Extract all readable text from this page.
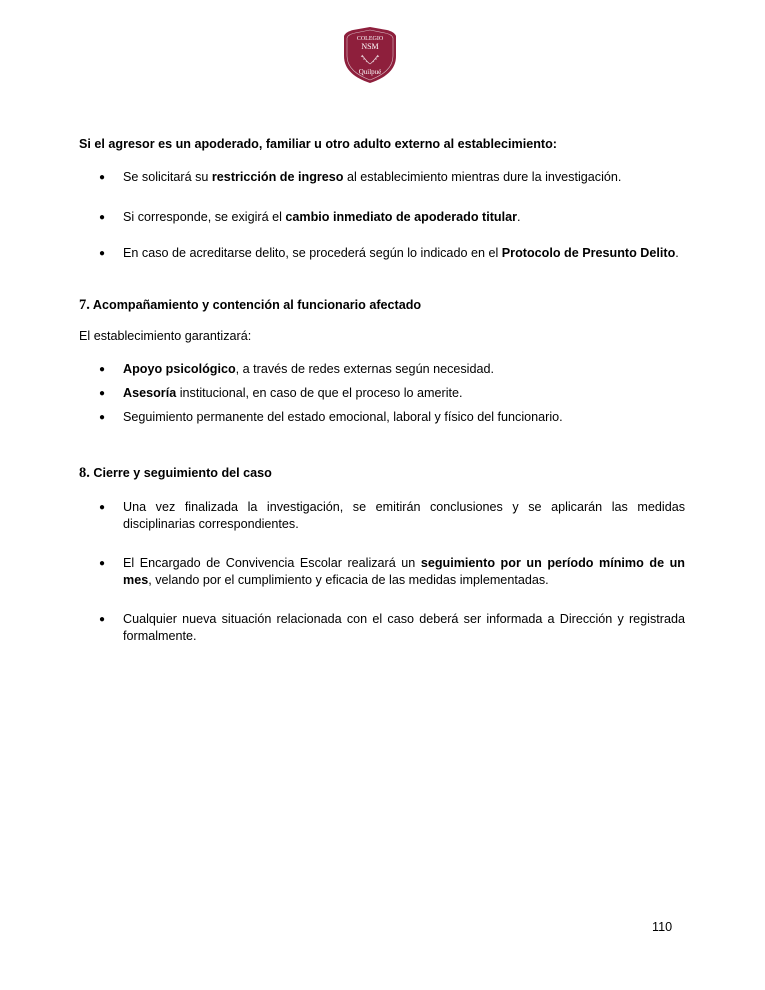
COLEGIO
NSM
Quilpué

Si el agresor es un apoderado, familiar u otro adulto externo al establecimiento:

● Se solicitará su restricción de ingreso al establecimiento mientras dure la investigación.
● Si corresponde, se exigirá el cambio inmediato de apoderado titular.
● En caso de acreditarse delito, se procederá según lo indicado en el Protocolo de Presunto Delito.

7. Acompañamiento y contención al funcionario afectado

El establecimiento garantizará:

● Apoyo psicológico, a través de redes externas según necesidad.
● Asesoría institucional, en caso de que el proceso lo amerite.
● Seguimiento permanente del estado emocional, laboral y físico del funcionario.

8. Cierre y seguimiento del caso

● Una vez finalizada la investigación, se emitirán conclusiones y se aplicarán las medidas disciplinarias correspondientes.
● El Encargado de Convivencia Escolar realizará un seguimiento por un período mínimo de un mes, velando por el cumplimiento y eficacia de las medidas implementadas.
● Cualquier nueva situación relacionada con el caso deberá ser informada a Dirección y registrada formalmente.
110
